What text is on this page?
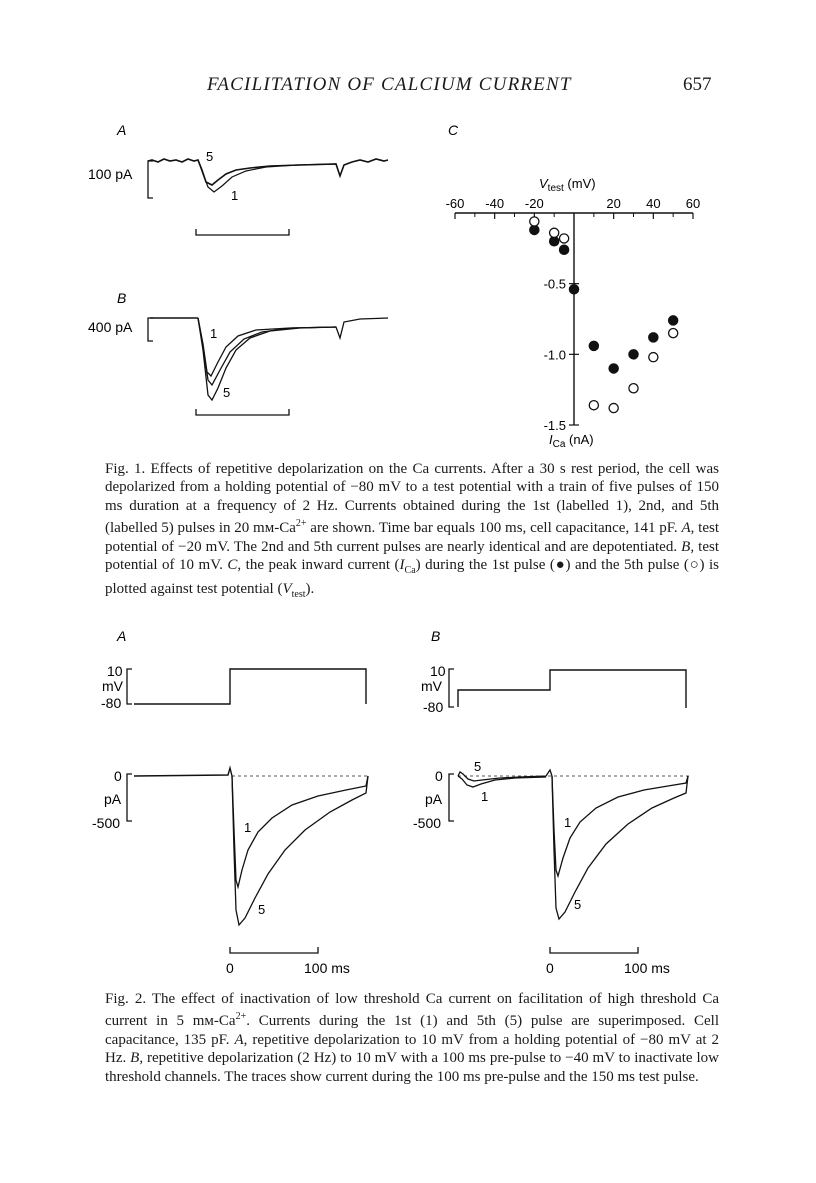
FACILITATION OF CALCIUM CURRENT	657
A
100 pA
5
1
B
400 pA	1
5
C
-60 -40 -20	20 40 60
-0.5
-1.0
-1.5
$V_{test}$ (mV)
$I_{Ca}$ (nA)
Fig. 1. Effects of repetitive depolarization on the Ca currents. After a 30 s rest period, the cell was depolarized from a holding potential of −80 mV to a test potential with a train of five pulses of 150 ms duration at a frequency of 2 Hz. Currents obtained during the 1st (labelled 1), 2nd, and 5th (labelled 5) pulses in 20 $mм-Ca^{2+}$ are shown. Time bar equals 100 ms, cell capacitance, 141 pF. A, test potential of −20 mV. The 2nd and 5th current pulses are nearly identical and are depotentiated. B, test potential of 10 mV. C, the peak inward current $(I_{Ca})$ during the 1st pulse (●) and the 5th pulse (○) is plotted against test potential $(V_{test})$.
A
10
mV
-80
0
pA
-500	1
5
0	100 ms
B
10
mV
-80
0
pA
-500
5
1
1
5
0	100 ms
Fig. 2. The effect of inactivation of low threshold Ca current on facilitation of high threshold Ca current in 5 $mм-Ca^{2+}$. Currents during the 1st (1) and 5th (5) pulse are superimposed. Cell capacitance, 135 pF. A, repetitive depolarization to 10 mV from a holding potential of −80 mV at 2 Hz. B, repetitive depolarization (2 Hz) to 10 mV with a 100 ms pre-pulse to −40 mV to inactivate low threshold channels. The traces show current during the 100 ms pre-pulse and the 150 ms test pulse.
